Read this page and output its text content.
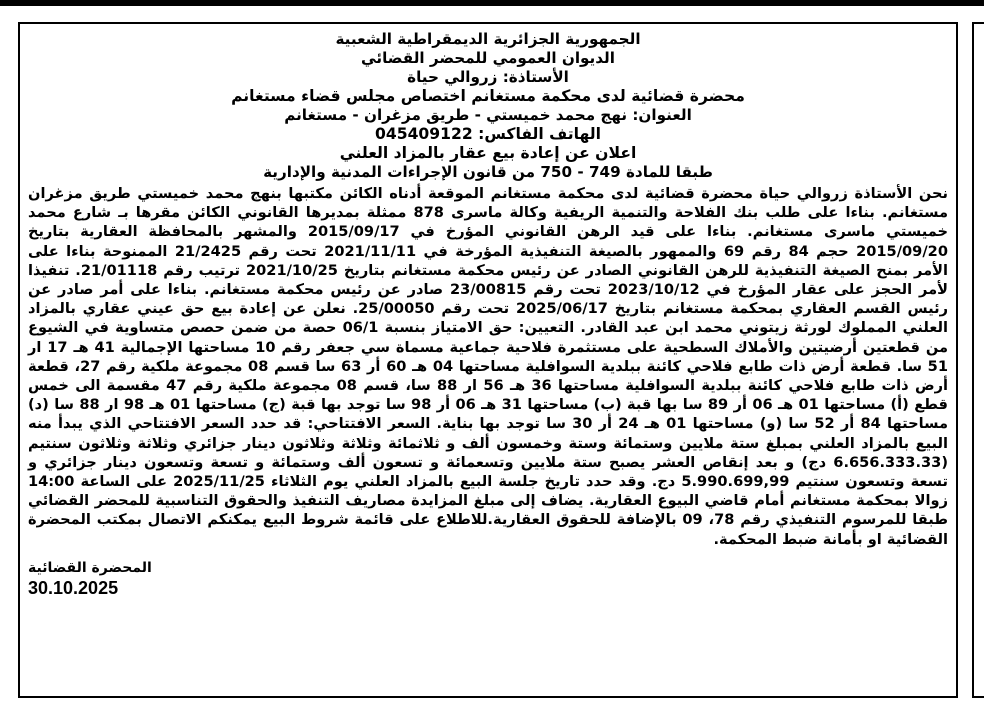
الجمهورية الجزائرية الديمقراطية الشعبية
الديوان العمومي للمحضر القضائي
الأستاذة: زروالي حياة
محضرة قضائية لدى محكمة مستغانم اختصاص مجلس قضاء مستغانم
العنوان: نهج محمد خميستي - طريق مزغران - مستغانم
الهاتف الفاكس: 045409122
اعلان عن إعادة بيع عقار بالمزاد العلني
طبقا للمادة 749 - 750 من قانون الإجراءات المدنية والإدارية
نحن الأستاذة زروالي حياة محضرة قضائية لدى محكمة مستغانم الموقعة أدناه الكائن مكتبها بنهج محمد خميستي طريق مزغران مستغانم. بناءا على طلب بنك الفلاحة والتنمية الريفية وكالة ماسرى 878 ممثلة بمديرها القانوني الكائن مقرها بـ شارع محمد خميستي ماسرى مستغانم. بناءا على قيد الرهن القانوني المؤرخ في 2015/09/17 والمشهر بالمحافظة العقارية بتاريخ 2015/09/20 حجم 84 رقم 69 والممهور بالصيغة التنفيذية المؤرخة في 2021/11/11 تحت رقم 21/2425 الممنوحة بناءا على الأمر بمنح الصيغة التنفيذية للرهن القانوني الصادر عن رئيس محكمة مستغانم بتاريخ 2021/10/25 ترتيب رقم 21/01118. تنفيذا لأمر الحجز على عقار المؤرخ في 2023/10/12 تحت رقم 23/00815 صادر عن رئيس محكمة مستغانم. بناءا على أمر صادر عن رئيس القسم العقاري بمحكمة مستغانم بتاريخ 2025/06/17 تحت رقم 25/00050. نعلن عن إعادة بيع حق عيني عقاري بالمزاد العلني المملوك لورثة زيتوني محمد ابن عبد القادر. التعيين: حق الامتياز بنسبة 06/1 حصة من ضمن حصص متساوية في الشيوع من قطعتين أرضيتين والأملاك السطحية على مستثمرة فلاحية جماعية مسماة سي جعفر رقم 10 مساحتها الإجمالية 41 هـ 17 ار 51 سا. قطعة أرض ذات طابع فلاحي كائنة ببلدية السوافلية مساحتها 04 هـ 60 أر 63 سا قسم 08 مجموعة ملكية رقم 27، قطعة أرض ذات طابع فلاحي كائنة ببلدية السوافلية مساحتها 36 هـ 56 ار 88 سا، قسم 08 مجموعة ملكية رقم 47 مقسمة الى خمس قطع (أ) مساحتها 01 هـ 06 أر 89 سا بها قبة (ب) مساحتها 31 هـ 06 أر 98 سا توجد بها قبة (ج) مساحتها 01 هـ 98 ار 88 سا (د) مساحتها 84 أر 52 سا (و) مساحتها 01 هـ 24 أر 30 سا توجد بها بناية. السعر الافتتاحي: قد حدد السعر الافتتاحي الذي يبدأ منه البيع بالمزاد العلني بمبلغ ستة ملايين وستمائة وستة وخمسون ألف و ثلاثمائة وثلاثة وثلاثون دينار جزائري وثلاثة وثلاثون سنتيم (6.656.333.33 دج) و بعد إنقاص العشر يصبح ستة ملايين وتسعمائة و تسعون ألف وستمائة و تسعة وتسعون دينار جزائري و تسعة وتسعون سنتيم 5.990.699,99 دج. وقد حدد تاريخ جلسة البيع بالمزاد العلني يوم الثلاثاء 2025/11/25 على الساعة 14:00 زوالا بمحكمة مستغانم أمام قاضي البيوع العقارية. يضاف إلى مبلغ المزايدة مصاريف التنفيذ والحقوق التناسبية للمحضر القضائي طبقا للمرسوم التنفيذي رقم 78، 09 بالإضافة للحقوق العقارية.للاطلاع على قائمة شروط البيع يمكنكم الاتصال بمكتب المحضرة القضائية او بأمانة ضبط المحكمة.
المحضرة القضائية
30.10.2025
